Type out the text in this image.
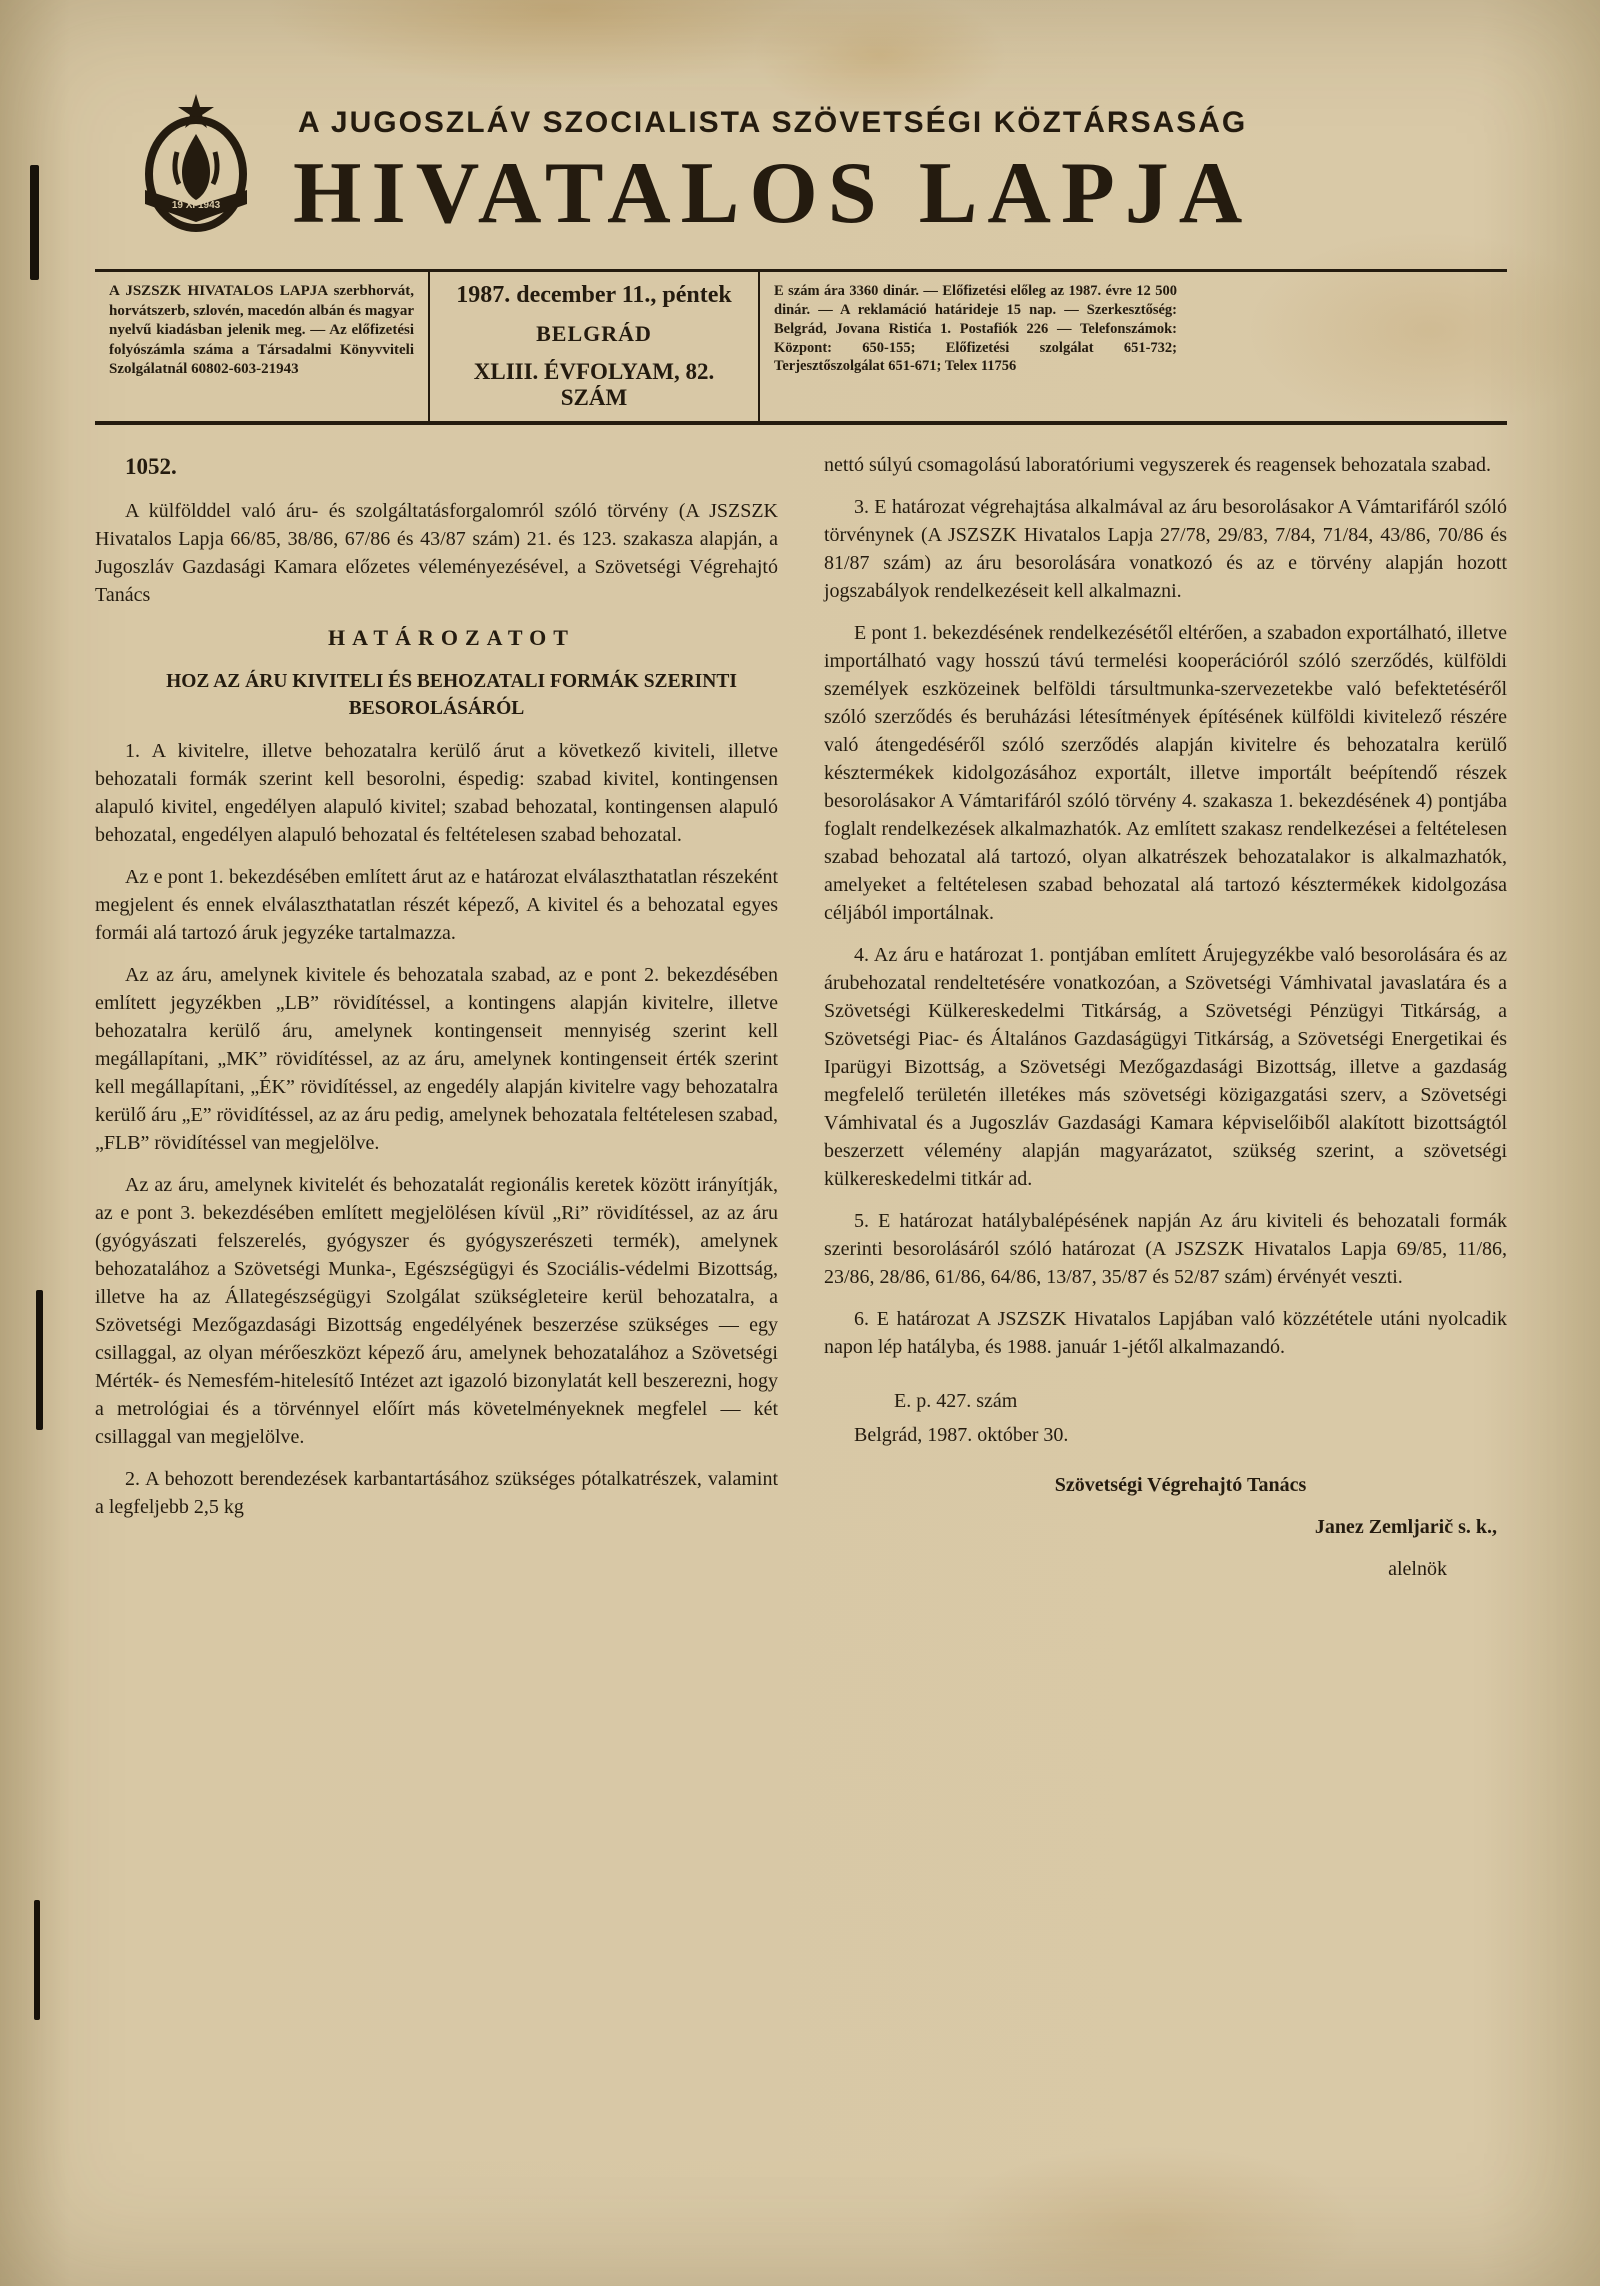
19 XI 1943
A JUGOSZLÁV SZOCIALISTA SZÖVETSÉGI KÖZTÁRSASÁG
HIVATALOS LAPJA
A JSZSZK HIVATALOS LAPJA szerbhorvát, horvátszerb, szlovén, macedón albán és magyar nyelvű kiadásban jelenik meg. — Az előfizetési folyószámla száma a Társadalmi Könyvviteli Szolgálatnál 60802-603-21943
1987. december 11., péntek
BELGRÁD
XLIII. ÉVFOLYAM, 82. SZÁM
E szám ára 3360 dinár. — Előfizetési előleg az 1987. évre 12 500 dinár. — A reklamáció határideje 15 nap. — Szerkesztőség: Belgrád, Jovana Ristića 1. Postafiók 226 — Telefonszámok: Központ: 650-155; Előfizetési szolgálat 651-732; Terjesztőszolgálat 651-671; Telex 11756

1052.

A külfölddel való áru- és szolgáltatásforgalomról szóló törvény (A JSZSZK Hivatalos Lapja 66/85, 38/86, 67/86 és 43/87 szám) 21. és 123. szakasza alapján, a Jugoszláv Gazdasági Kamara előzetes véleményezésével, a Szövetségi Végrehajtó Tanács

HATÁROZATOT

HOZ AZ ÁRU KIVITELI ÉS BEHOZATALI FORMÁK SZERINTI BESOROLÁSÁRÓL

1. A kivitelre, illetve behozatalra kerülő árut a következő kiviteli, illetve behozatali formák szerint kell besorolni, éspedig: szabad kivitel, kontingensen alapuló kivitel, engedélyen alapuló kivitel; szabad behozatal, kontingensen alapuló behozatal, engedélyen alapuló behozatal és feltételesen szabad behozatal.

Az e pont 1. bekezdésében említett árut az e határozat elválaszthatatlan részeként megjelent és ennek elválaszthatatlan részét képező, A kivitel és a behozatal egyes formái alá tartozó áruk jegyzéke tartalmazza.

Az az áru, amelynek kivitele és behozatala szabad, az e pont 2. bekezdésében említett jegyzékben „LB” rövidítéssel, a kontingens alapján kivitelre, illetve behozatalra kerülő áru, amelynek kontingenseit mennyiség szerint kell megállapítani, „MK” rövidítéssel, az az áru, amelynek kontingenseit érték szerint kell megállapítani, „ÉK” rövidítéssel, az engedély alapján kivitelre vagy behozatalra kerülő áru „E” rövidítéssel, az az áru pedig, amelynek behozatala feltételesen szabad, „FLB” rövidítéssel van megjelölve.

Az az áru, amelynek kivitelét és behozatalát regionális keretek között irányítják, az e pont 3. bekezdésében említett megjelölésen kívül „Ri” rövidítéssel, az az áru (gyógyászati felszerelés, gyógyszer és gyógyszerészeti termék), amelynek behozatalához a Szövetségi Munka-, Egészségügyi és Szociális-védelmi Bizottság, illetve ha az Állategészségügyi Szolgálat szükségleteire kerül behozatalra, a Szövetségi Mezőgazdasági Bizottság engedélyének beszerzése szükséges — egy csillaggal, az olyan mérőeszközt képező áru, amelynek behozatalához a Szövetségi Mérték- és Nemesfém-hitelesítő Intézet azt igazoló bizonylatát kell beszerezni, hogy a metrológiai és a törvénnyel előírt más követelményeknek megfelel — két csillaggal van megjelölve.

2. A behozott berendezések karbantartásához szükséges pótalkatrészek, valamint a legfeljebb 2,5 kg

nettó súlyú csomagolású laboratóriumi vegyszerek és reagensek behozatala szabad.

3. E határozat végrehajtása alkalmával az áru besorolásakor A Vámtarifáról szóló törvénynek (A JSZSZK Hivatalos Lapja 27/78, 29/83, 7/84, 71/84, 43/86, 70/86 és 81/87 szám) az áru besorolására vonatkozó és az e törvény alapján hozott jogszabályok rendelkezéseit kell alkalmazni.

E pont 1. bekezdésének rendelkezésétől eltérően, a szabadon exportálható, illetve importálható vagy hosszú távú termelési kooperációról szóló szerződés, külföldi személyek eszközeinek belföldi társultmunka-szervezetekbe való befektetéséről szóló szerződés és beruházási létesítmények építésének külföldi kivitelező részére való átengedéséről szóló szerződés alapján kivitelre és behozatalra kerülő késztermékek kidolgozásához exportált, illetve importált beépítendő részek besorolásakor A Vámtarifáról szóló törvény 4. szakasza 1. bekezdésének 4) pontjába foglalt rendelkezések alkalmazhatók. Az említett szakasz rendelkezései a feltételesen szabad behozatal alá tartozó, olyan alkatrészek behozatalakor is alkalmazhatók, amelyeket a feltételesen szabad behozatal alá tartozó késztermékek kidolgozása céljából importálnak.

4. Az áru e határozat 1. pontjában említett Árujegyzékbe való besorolására és az árubehozatal rendeltetésére vonatkozóan, a Szövetségi Vámhivatal javaslatára és a Szövetségi Külkereskedelmi Titkárság, a Szövetségi Pénzügyi Titkárság, a Szövetségi Piac- és Általános Gazdaságügyi Titkárság, a Szövetségi Energetikai és Iparügyi Bizottság, a Szövetségi Mezőgazdasági Bizottság, illetve a gazdaság megfelelő területén illetékes más szövetségi közigazgatási szerv, a Szövetségi Vámhivatal és a Jugoszláv Gazdasági Kamara képviselőiből alakított bizottságtól beszerzett vélemény alapján magyarázatot, szükség szerint, a szövetségi külkereskedelmi titkár ad.

5. E határozat hatálybalépésének napján Az áru kiviteli és behozatali formák szerinti besorolásáról szóló határozat (A JSZSZK Hivatalos Lapja 69/85, 11/86, 23/86, 28/86, 61/86, 64/86, 13/87, 35/87 és 52/87 szám) érvényét veszti.

6. E határozat A JSZSZK Hivatalos Lapjában való közzététele utáni nyolcadik napon lép hatályba, és 1988. január 1-jétől alkalmazandó.

E. p. 427. szám

Belgrád, 1987. október 30.

Szövetségi Végrehajtó Tanács

Janez Zemljarič s. k.,

alelnök
